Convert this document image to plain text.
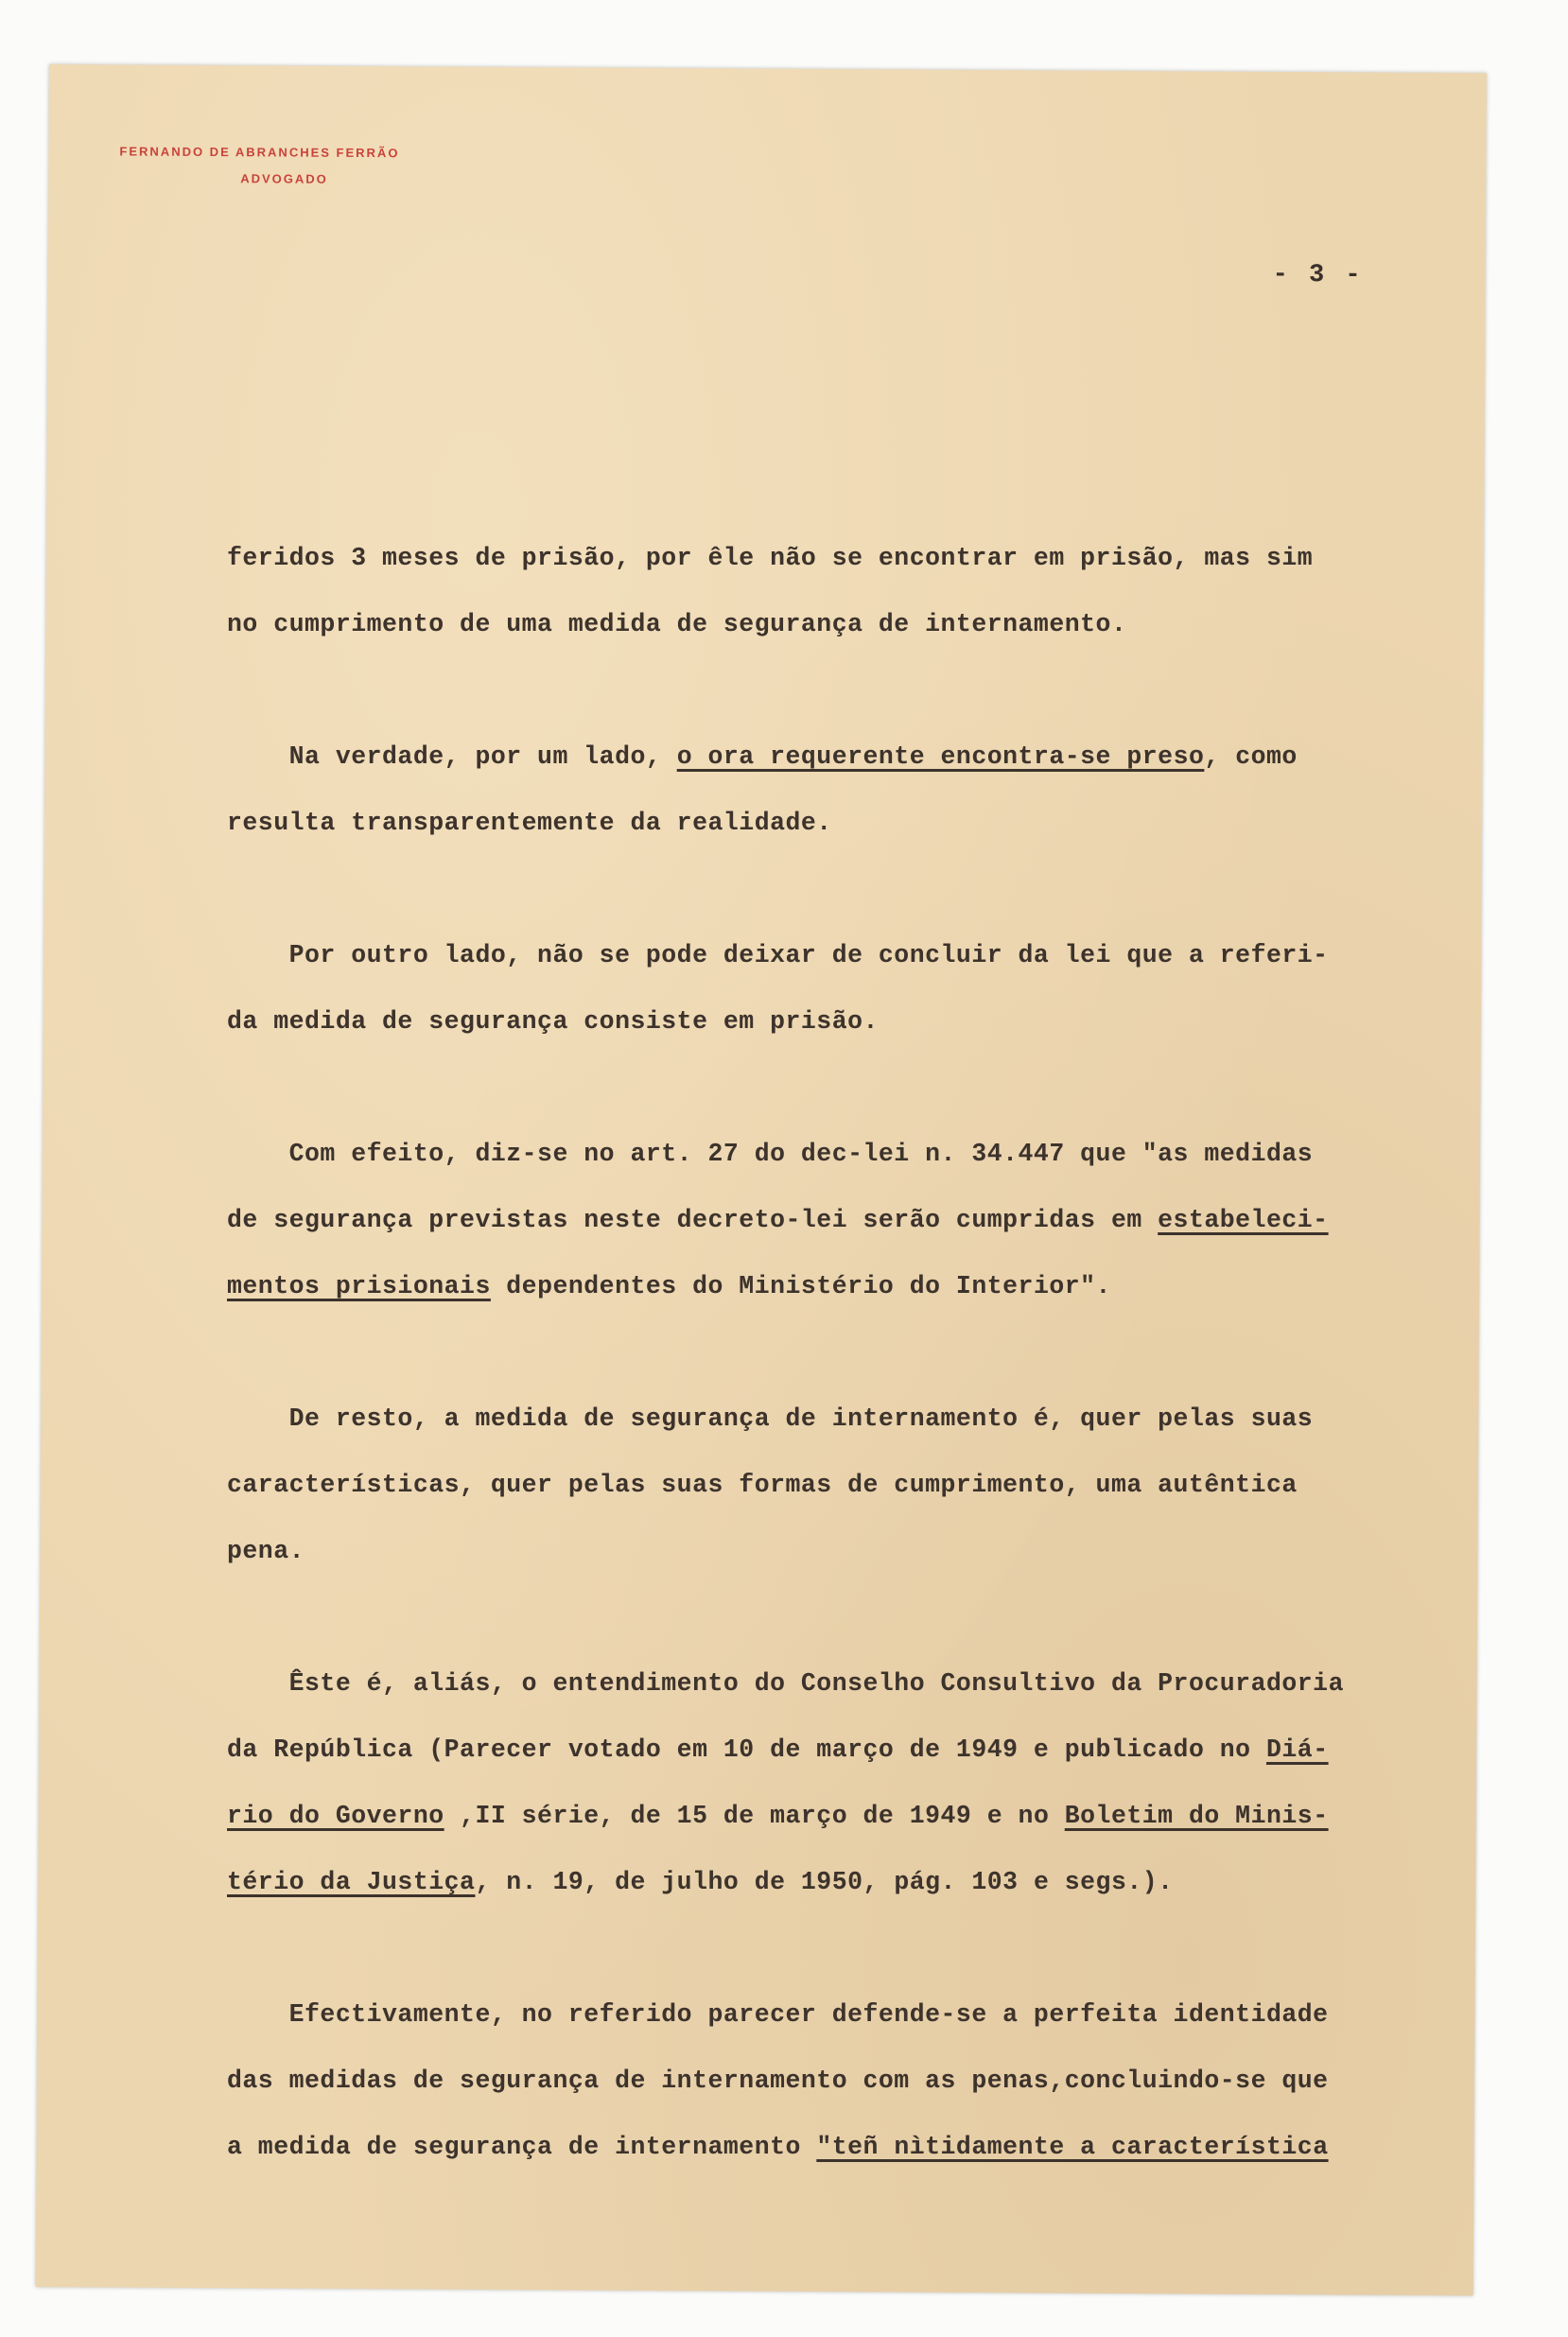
FERNANDO DE ABRANCHES FERRÃO
ADVOGADO
- 3 -
feridos 3 meses de prisão, por êle não se encontrar em prisão, mas sim
no cumprimento de uma medida de segurança de internamento.
Na verdade, por um lado, o ora requerente encontra-se preso, como
resulta transparentemente da realidade.
Por outro lado, não se pode deixar de concluir da lei que a referi-
da medida de segurança consiste em prisão.
Com efeito, diz-se no art. 27 do dec-lei n. 34.447 que "as medidas
de segurança previstas neste decreto-lei serão cumpridas em estabeleci-
mentos prisionais dependentes do Ministério do Interior".
De resto, a medida de segurança de internamento é, quer pelas suas
características, quer pelas suas formas de cumprimento, uma autêntica
pena.
Êste é, aliás, o entendimento do Conselho Consultivo da Procuradoria
da República (Parecer votado em 10 de março de 1949 e publicado no Diá-
rio do Governo ,II série, de 15 de março de 1949 e no Boletim do Minis-
tério da Justiça, n. 19, de julho de 1950, pág. 103 e segs.).
Efectivamente, no referido parecer defende-se a perfeita identidade
das medidas de segurança de internamento com as penas,concluindo-se que
a medida de segurança de internamento "teñ nìtidamente a característica
